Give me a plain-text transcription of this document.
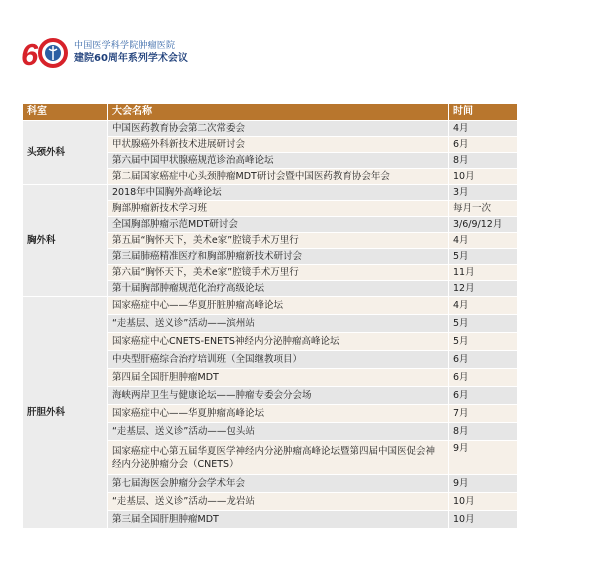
6	中国医学科学院肿瘤医院
建院60周年系列学术会议
科室	大会名称	时间
头颈外科	中国医药教育协会第二次常委会	4月
	甲状腺癌外科新技术进展研讨会	6月
	第六届中国甲状腺癌规范诊治高峰论坛	8月
	第二届国家癌症中心头颈肿瘤MDT研讨会暨中国医药教育协会年会	10月
胸外科	2018年中国胸外高峰论坛	3月
	胸部肿瘤新技术学习班	每月一次
	全国胸部肿瘤示范MDT研讨会	3/6/9/12月
	第五届“胸怀天下，美术e家”腔镜手术万里行	4月
	第三届肺癌精准医疗和胸部肿瘤新技术研讨会	5月
	第六届“胸怀天下，美术e家”腔镜手术万里行	11月
	第十届胸部肿瘤规范化治疗高级论坛	12月
肝胆外科	国家癌症中心——华夏肝脏肿瘤高峰论坛	4月
	“走基层、送义诊”活动——滨州站	5月
	国家癌症中心CNETS-ENETS神经内分泌肿瘤高峰论坛	5月
	中央型肝癌综合治疗培训班（全国继教项目）	6月
	第四届全国肝胆肿瘤MDT	6月
	海峡两岸卫生与健康论坛——肿瘤专委会分会场	6月
	国家癌症中心——华夏肿瘤高峰论坛	7月
	“走基层、送义诊”活动——包头站	8月
	国家癌症中心第五届华夏医学神经内分泌肿瘤高峰论坛暨第四届中国医促会神经内分泌肿瘤分会（CNETS）	9月
	第七届海医会肿瘤分会学术年会	9月
	“走基层、送义诊”活动——龙岩站	10月
	第三届全国肝胆肿瘤MDT	10月
